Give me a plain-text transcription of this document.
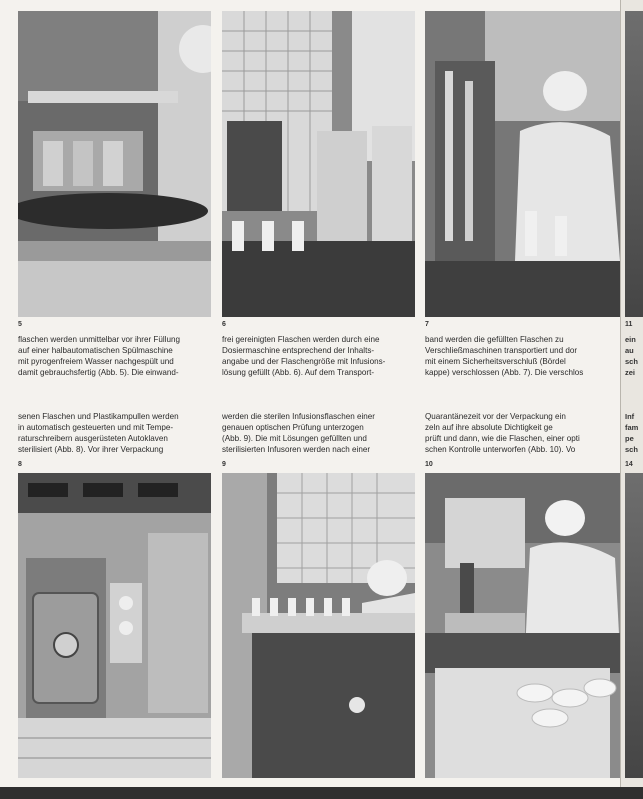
5	6	7

flaschen werden unmittelbar vor ihrer Füllung
auf einer halbautomatischen Spülmaschine
mit pyrogenfreiem Wasser nachgespült und
damit gebrauchsfertig (Abb. 5). Die einwand-

frei gereinigten Flaschen werden durch eine
Dosiermaschine entsprechend der Inhalts-
angabe und der Flaschengröße mit Infusions-
lösung gefüllt (Abb. 6). Auf dem Transport-

band werden die gefüllten Flaschen zu
Verschließmaschinen transportiert und dor
mit einem Sicherheitsverschluß (Bördel
kappe) verschlossen (Abb. 7). Die verschlos

senen Flaschen und Plastikampullen werden
in automatisch gesteuerten und mit Tempe-
raturschreibern ausgerüsteten Autoklaven
sterilisiert (Abb. 8). Vor ihrer Verpackung

werden die sterilen Infusionsflaschen einer
genauen optischen Prüfung unterzogen
(Abb. 9). Die mit Lösungen gefüllten und
sterilisierten Infusoren werden nach einer

Quarantänezeit vor der Verpackung ein
zeln auf ihre absolute Dichtigkeit ge
prüft und dann, wie die Flaschen, einer opti
schen Kontrolle unterworfen (Abb. 10). Vo

8	9	10
11
ein
au
sch
zei
Inf
fam
pe
sch
14
